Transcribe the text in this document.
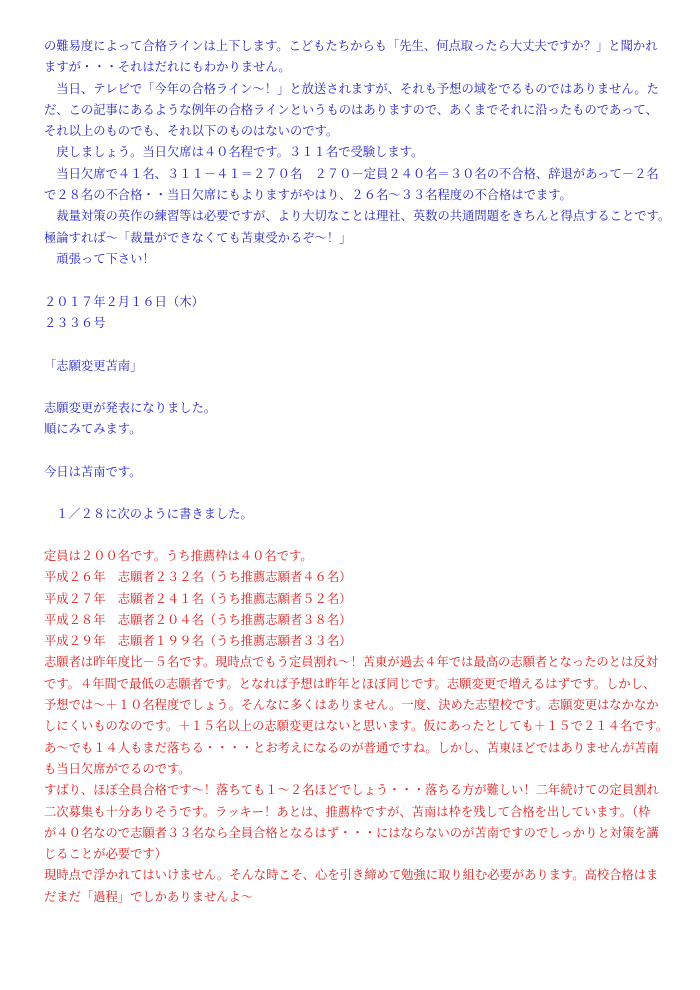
の難易度によって合格ラインは上下します。こどもたちからも「先生、何点取ったら大丈夫ですか？」と聞かれ
ますが・・・それはだれにもわかりません。
　当日、テレビで「今年の合格ライン～！」と放送されますが、それも予想の域をでるものではありません。た
だ、この記事にあるような例年の合格ラインというものはありますので、あくまでそれに沿ったものであって、
それ以上のものでも、それ以下のものはないのです。
　戻しましょう。当日欠席は４０名程です。３１１名で受験します。
　当日欠席で４１名、３１１－４１＝２７０名　２７０－定員２４０名＝３０名の不合格、辞退があって－２名
で２８名の不合格・・当日欠席にもよりますがやはり、２６名～３３名程度の不合格はでます。
　裁量対策の英作の練習等は必要ですが、より大切なことは理社、英数の共通問題をきちんと得点することです。
極論すれば～「裁量ができなくても苫東受かるぞ～！」
　頑張って下さい！
２０１７年２月１６日（木）
２３３６号
「志願変更苫南」
志願変更が発表になりました。
順にみてみます。
今日は苫南です。
１／２８に次のように書きました。
定員は２００名です。うち推薦枠は４０名です。
平成２６年　志願者２３２名（うち推薦志願者４６名）
平成２７年　志願者２４１名（うち推薦志願者５２名）
平成２８年　志願者２０４名（うち推薦志願者３８名）
平成２９年　志願者１９９名（うち推薦志願者３３名）
志願者は昨年度比－５名です。現時点でもう定員割れ～！苫東が過去４年では最高の志願者となったのとは反対
です。４年間で最低の志願者です。となれば予想は昨年とほぼ同じです。志願変更で増えるはずです。しかし、
予想では～＋１０名程度でしょう。そんなに多くはありません。一度、決めた志望校です。志願変更はなかなか
しにくいものなのです。＋１５名以上の志願変更はないと思います。仮にあったとしても＋１５で２１４名です。
あ～でも１４人もまだ落ちる・・・・とお考えになるのが普通ですね。しかし、苫東ほどではありませんが苫南
も当日欠席がでるのです。
すばり、ほぼ全員合格です～！落ちても１～２名ほどでしょう・・・落ちる方が難しい！二年続けての定員割れ
二次募集も十分ありそうです。ラッキー！あとは、推薦枠ですが、苫南は枠を残して合格を出しています。（枠
が４０名なので志願者３３名なら全員合格となるはず・・・にはならないのが苫南ですのでしっかりと対策を講
じることが必要です）
現時点で浮かれてはいけません。そんな時こそ、心を引き締めて勉強に取り組む必要があります。高校合格はま
だまだ「過程」でしかありませんよ～
